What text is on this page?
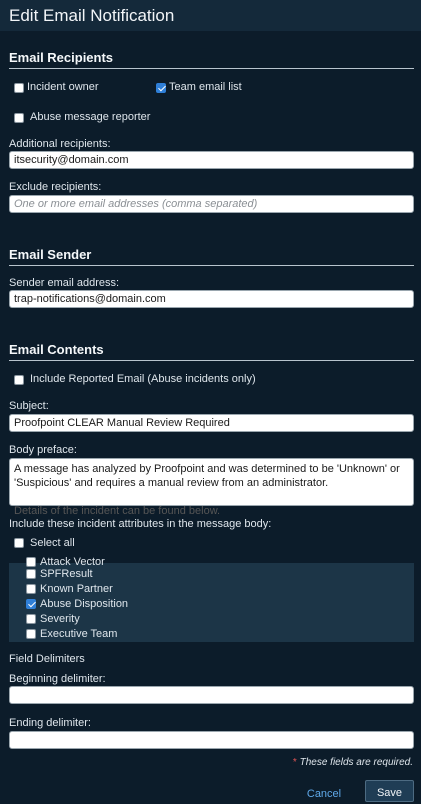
Edit Email Notification
Email Recipients
Incident owner	Team email list
Abuse message reporter
Additional recipients:
itsecurity@domain.com
Exclude recipients:
One or more email addresses (comma separated)
Email Sender
Sender email address:
trap-notifications@domain.com
Email Contents
Include Reported Email (Abuse incidents only)
Subject:
Proofpoint CLEAR Manual Review Required
Body preface:

A message has analyzed by Proofpoint and was determined to be 'Unknown' or 'Suspicious' and requires a manual review from an administrator.

Details of the incident can be found below.

Include these incident attributes in the message body:
Select all
Attack Vector
SPFResult
Known Partner
Abuse Disposition
Severity
Executive Team
Field Delimiters
Beginning delimiter:
Ending delimiter:
* These fields are required.
Cancel	Save
